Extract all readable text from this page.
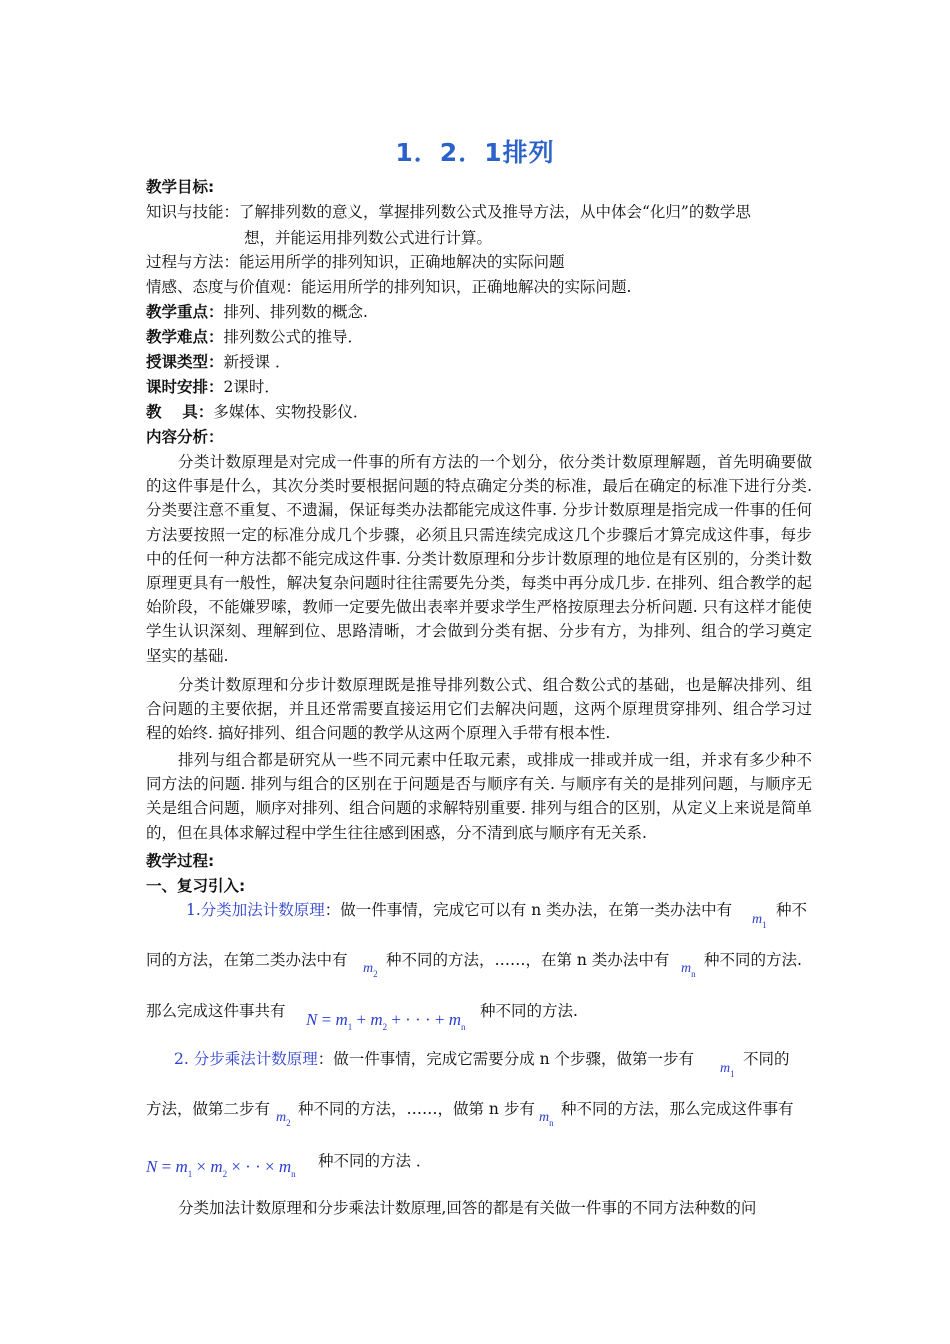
1．2．1排列
教学目标:
知识与技能：了解排列数的意义，掌握排列数公式及推导方法，从中体会“化归”的数学思
想，并能运用排列数公式进行计算。
过程与方法：能运用所学的排列知识，正确地解决的实际问题
情感、态度与价值观：能运用所学的排列知识，正确地解决的实际问题.
教学重点：排列、排列数的概念.
教学难点：排列数公式的推导．
授课类型：新授课 ．
课时安排：2课时．
教　 具：多媒体、实物投影仪．
内容分析：
分类计数原理是对完成一件事的所有方法的一个划分，依分类计数原理解题，首先明确要做的这件事是什么，其次分类时要根据问题的特点确定分类的标准，最后在确定的标准下进行分类. 分类要注意不重复、不遗漏，保证每类办法都能完成这件事. 分步计数原理是指完成一件事的任何方法要按照一定的标准分成几个步骤，必须且只需连续完成这几个步骤后才算完成这件事，每步中的任何一种方法都不能完成这件事. 分类计数原理和分步计数原理的地位是有区别的，分类计数原理更具有一般性，解决复杂问题时往往需要先分类，每类中再分成几步. 在排列、组合教学的起始阶段，不能嫌罗嗦，教师一定要先做出表率并要求学生严格按原理去分析问题. 只有这样才能使学生认识深刻、理解到位、思路清晰，才会做到分类有据、分步有方，为排列、组合的学习奠定坚实的基础.
分类计数原理和分步计数原理既是推导排列数公式、组合数公式的基础，也是解决排列、组合问题的主要依据，并且还常需要直接运用它们去解决问题，这两个原理贯穿排列、组合学习过程的始终. 搞好排列、组合问题的教学从这两个原理入手带有根本性.
排列与组合都是研究从一些不同元素中任取元素，或排成一排或并成一组，并求有多少种不同方法的问题. 排列与组合的区别在于问题是否与顺序有关. 与顺序有关的是排列问题，与顺序无关是组合问题，顺序对排列、组合问题的求解特别重要. 排列与组合的区别，从定义上来说是简单的，但在具体求解过程中学生往往感到困惑，分不清到底与顺序有无关系.
教学过程:
一、复习引入:
1.分类加法计数原理：做一件事情，完成它可以有 n 类办法，在第一类办法中有
$m_1$
种不
同的方法，在第二类办法中有 $m_2$
种不同的方法，……，在第 n 类办法中有 $m_n$
种不同的方法.
那么完成这件事共有 $N = m_1 + m_2$ + · · · + $m_n$
种不同的方法.
2. 分步乘法计数原理：做一件事情，完成它需要分成 n 个步骤，做第一步有
$m_1$
不同的
方法，做第二步有 $m_2$
种不同的方法，……，做第 n 步有 $m_n$
种不同的方法，那么完成这件事有
$N = m_1 \times m_2$ × · · × $m_n$
种不同的方法 ．
分类加法计数原理和分步乘法计数原理,回答的都是有关做一件事的不同方法种数的问
